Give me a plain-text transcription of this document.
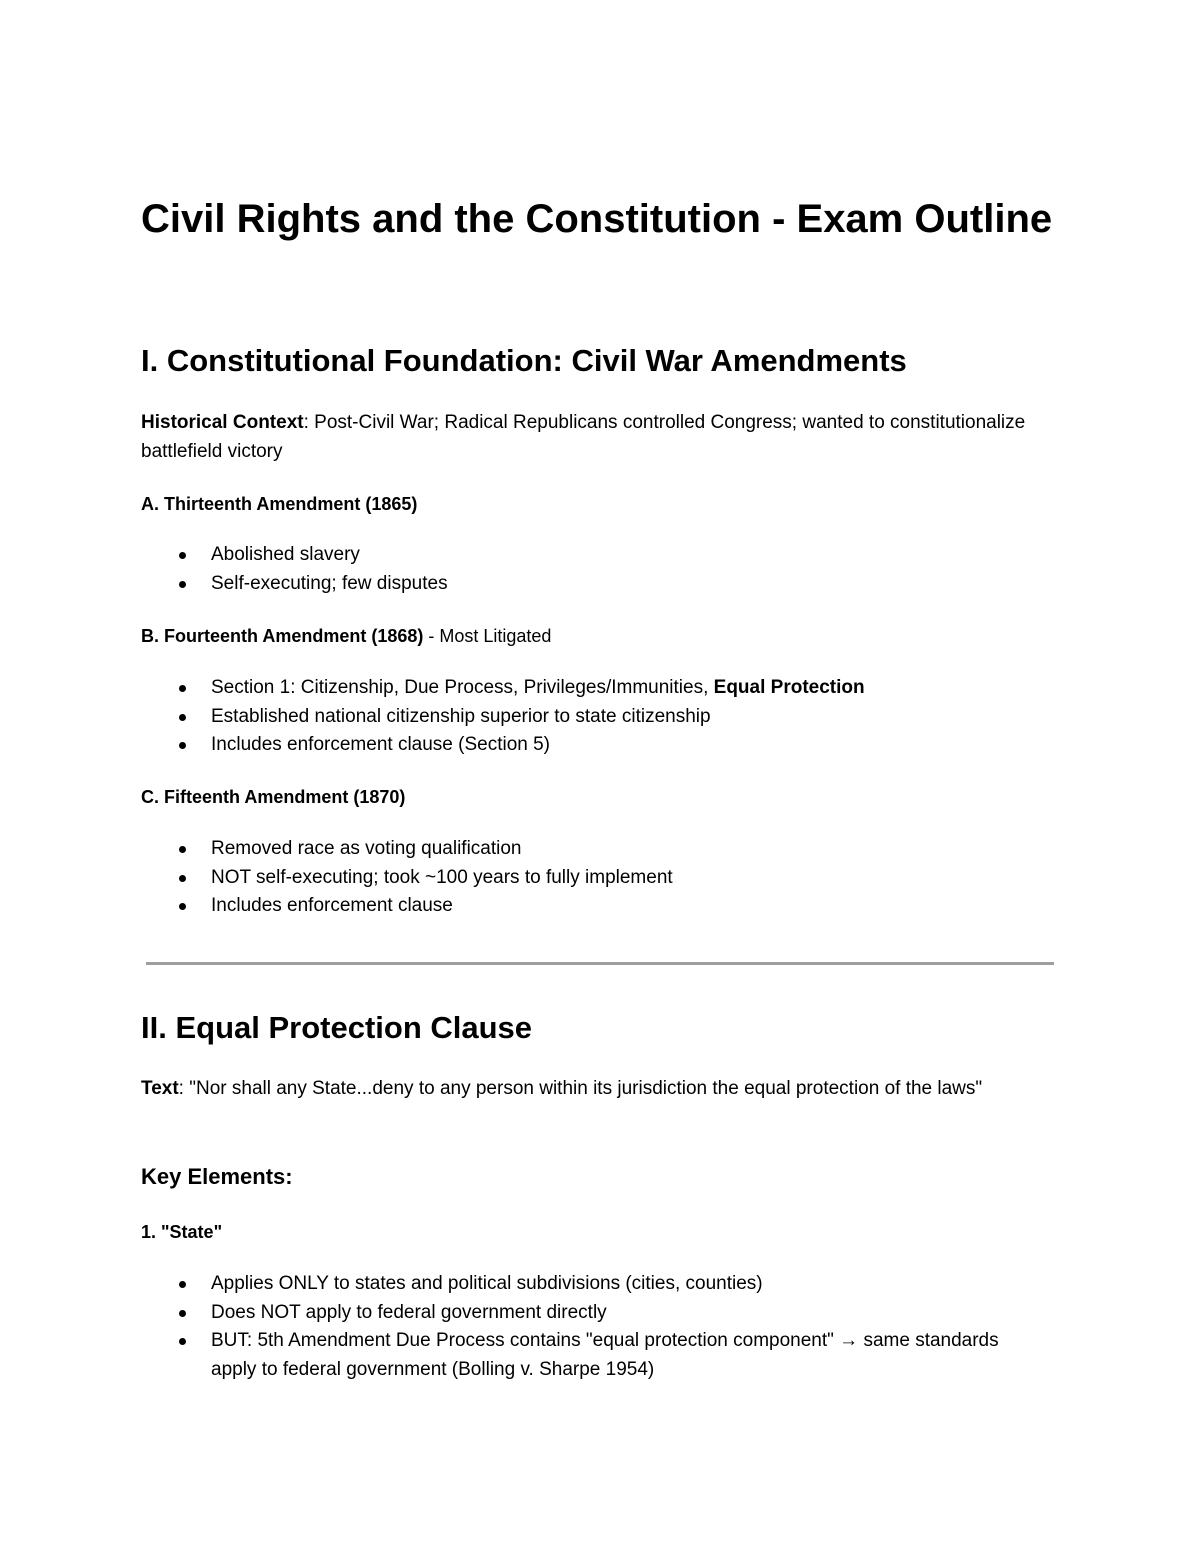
Civil Rights and the Constitution - Exam Outline
I. Constitutional Foundation: Civil War Amendments

Historical Context: Post-Civil War; Radical Republicans controlled Congress; wanted to constitutionalize battlefield victory

A. Thirteenth Amendment (1865)
Abolished slavery
Self-executing; few disputes
B. Fourteenth Amendment (1868) - Most Litigated
Section 1: Citizenship, Due Process, Privileges/Immunities, Equal Protection
Established national citizenship superior to state citizenship
Includes enforcement clause (Section 5)
C. Fifteenth Amendment (1870)
Removed race as voting qualification
NOT self-executing; took ~100 years to fully implement
Includes enforcement clause
II. Equal Protection Clause

Text: "Nor shall any State...deny to any person within its jurisdiction the equal protection of the laws"

Key Elements:
1. "State"
Applies ONLY to states and political subdivisions (cities, counties)
Does NOT apply to federal government directly
BUT: 5th Amendment Due Process contains "equal protection component" → same standards apply to federal government (Bolling v. Sharpe 1954)
